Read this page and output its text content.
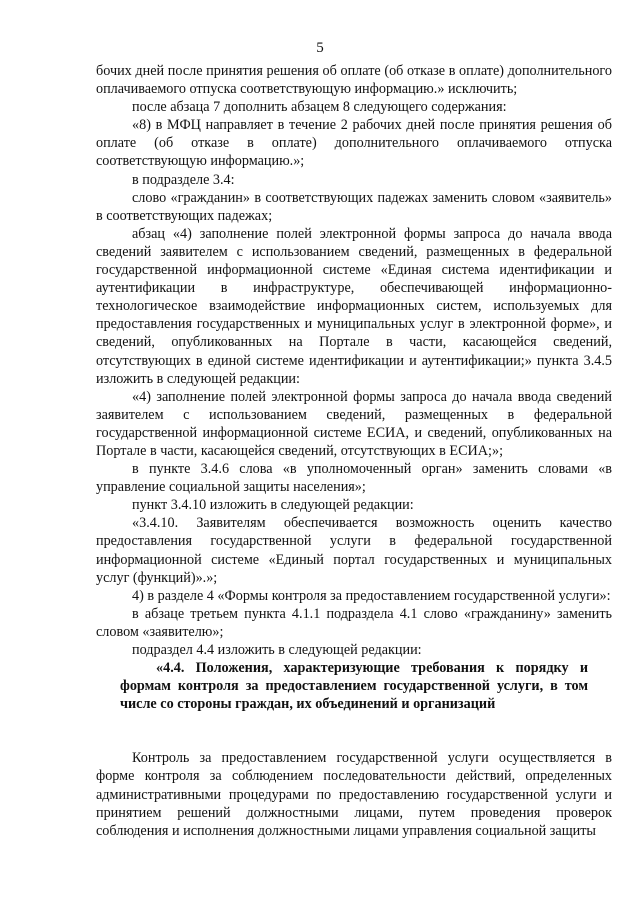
5

бочих дней после принятия решения об оплате (об отказе в оплате) дополнительного оплачиваемого отпуска соответствующую информацию.» исключить;

после абзаца 7 дополнить абзацем 8 следующего содержания:

«8) в МФЦ направляет в течение 2 рабочих дней после принятия решения об оплате (об отказе в оплате) дополнительного оплачиваемого отпуска соответствующую информацию.»;

в подразделе 3.4:

слово «гражданин» в соответствующих падежах заменить словом «заявитель» в соответствующих падежах;

абзац «4) заполнение полей электронной формы запроса до начала ввода сведений заявителем с использованием сведений, размещенных в федеральной государственной информационной системе «Единая система идентификации и аутентификации в инфраструктуре, обеспечивающей информационно-технологическое взаимодействие информационных систем, используемых для предоставления государственных и муниципальных услуг в электронной форме», и сведений, опубликованных на Портале в части, касающейся сведений, отсутствующих в единой системе идентификации и аутентификации;» пункта 3.4.5 изложить в следующей редакции:

«4) заполнение полей электронной формы запроса до начала ввода сведений заявителем с использованием сведений, размещенных в федеральной государственной информационной системе ЕСИА, и сведений, опубликованных на Портале в части, касающейся сведений, отсутствующих в ЕСИА;»;

в пункте 3.4.6 слова «в уполномоченный орган» заменить словами «в управление социальной защиты населения»;

пункт 3.4.10 изложить в следующей редакции:

«3.4.10. Заявителям обеспечивается возможность оценить качество предоставления государственной услуги в федеральной государственной информационной системе «Единый портал государственных и муниципальных услуг (функций)».»;

4) в разделе 4 «Формы контроля за предоставлением государственной услуги»:

в абзаце третьем пункта 4.1.1 подраздела 4.1 слово «гражданину» заменить словом «заявителю»;

подраздел 4.4 изложить в следующей редакции:

«4.4. Положения, характеризующие требования к порядку и формам контроля за предоставлением государственной услуги, в том числе со стороны граждан, их объединений и организаций

Контроль за предоставлением государственной услуги осуществляется в форме контроля за соблюдением последовательности действий, определенных административными процедурами по предоставлению государственной услуги и принятием решений должностными лицами, путем проведения проверок соблюдения и исполнения должностными лицами управления социальной защиты
